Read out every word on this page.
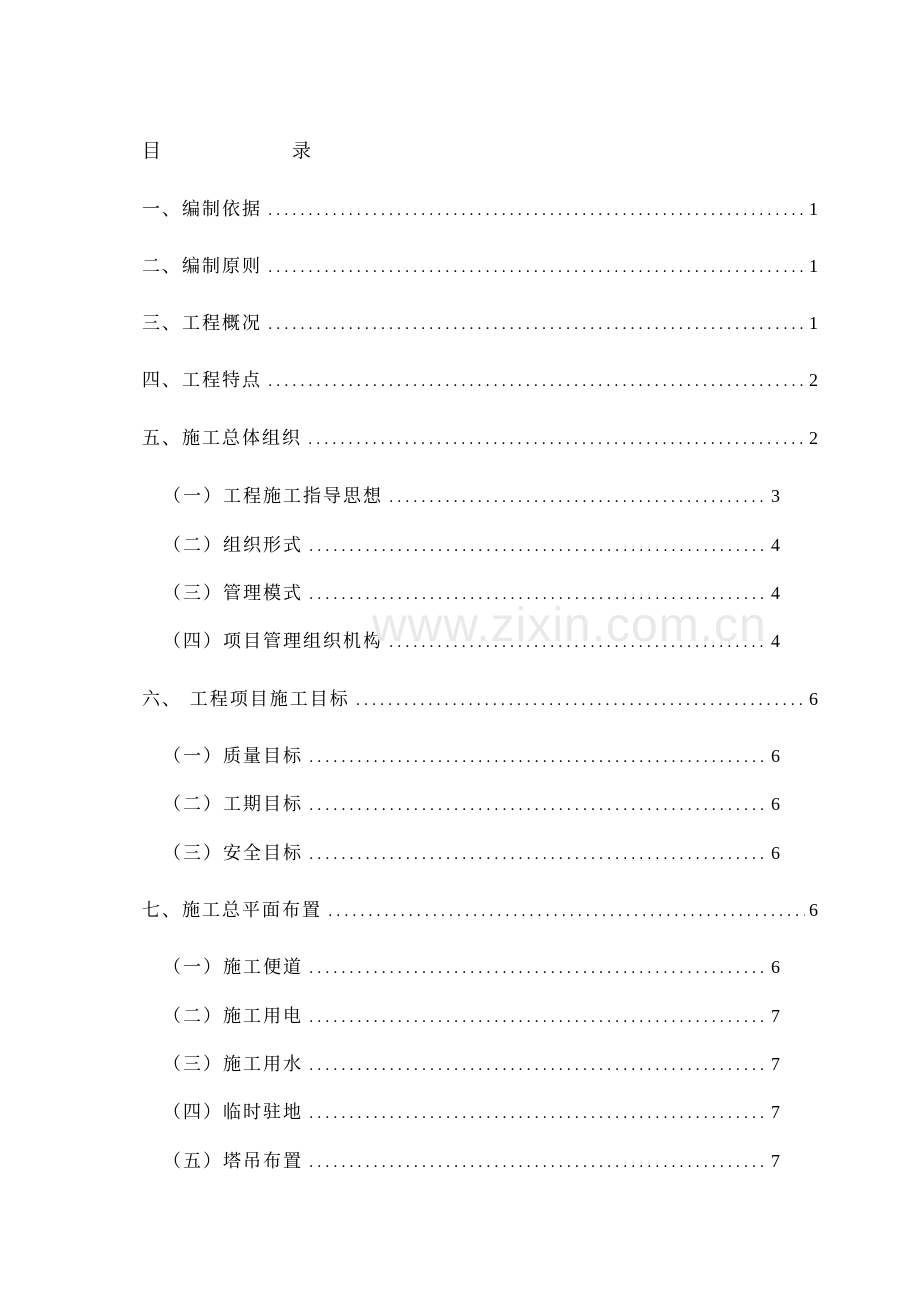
目	录
一、编制依据 .....	1
二、编制原则 .....	1
三、工程概况 .....	1
四、工程特点 .....	2
五、施工总体组织 .....	2
（一）工程施工指导思想 .....	3
（二）组织形式 .....	4
（三）管理模式 .....	4
（四）项目管理组织机构 .....	4
六、 工程项目施工目标 .....	6
（一）质量目标 .....	6
（二）工期目标 .....	6
（三）安全目标 .....	6
七、施工总平面布置 .....	6
（一）施工便道 .....	6
（二）施工用电 .....	7
（三）施工用水 .....	7
（四）临时驻地 .....	7
（五）塔吊布置 .....	7
www.zixin.com.cn
